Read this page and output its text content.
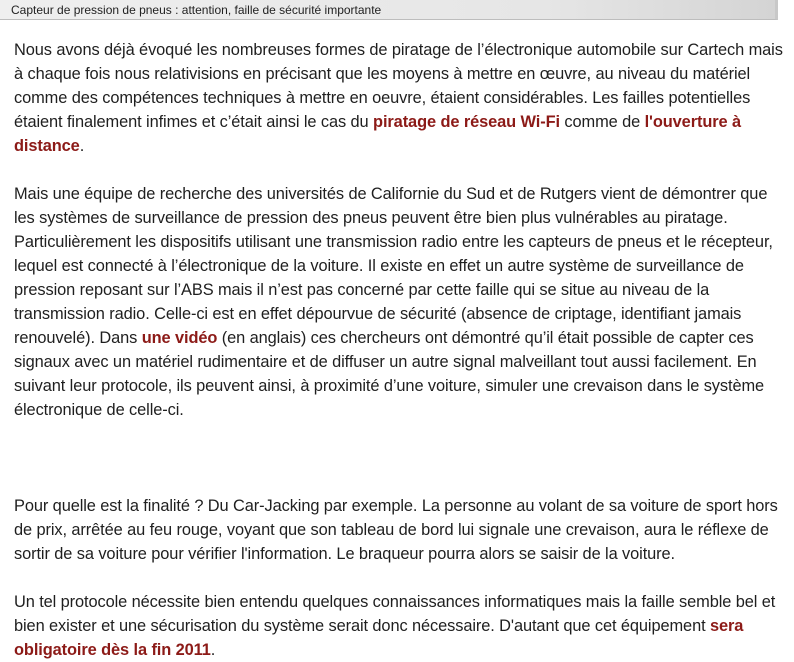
Capteur de pression de pneus : attention, faille de sécurité importante

Nous avons déjà évoqué les nombreuses formes de piratage de l’électronique automobile sur Cartech mais à chaque fois nous relativisions en précisant que les moyens à mettre en œuvre, au niveau du matériel comme des compétences techniques à mettre en oeuvre, étaient considérables. Les failles potentielles étaient finalement infimes et c’était ainsi le cas du piratage de réseau Wi-Fi comme de l'ouverture à distance.

Mais une équipe de recherche des universités de Californie du Sud et de Rutgers vient de démontrer que les systèmes de surveillance de pression des pneus peuvent être bien plus vulnérables au piratage. Particulièrement les dispositifs utilisant une transmission radio entre les capteurs de pneus et le récepteur, lequel est connecté à l’électronique de la voiture. Il existe en effet un autre système de surveillance de pression reposant sur l’ABS mais il n’est pas concerné par cette faille qui se situe au niveau de la transmission radio. Celle-ci est en effet dépourvue de sécurité (absence de criptage, identifiant jamais renouvelé). Dans une vidéo (en anglais) ces chercheurs ont démontré qu’il était possible de capter ces signaux avec un matériel rudimentaire et de diffuser un autre signal malveillant tout aussi facilement. En suivant leur protocole, ils peuvent ainsi, à proximité d’une voiture, simuler une crevaison dans le système électronique de celle-ci.

Pour quelle est la finalité ? Du Car-Jacking par exemple. La personne au volant de sa voiture de sport hors de prix, arrêtée au feu rouge, voyant que son tableau de bord lui signale une crevaison, aura le réflexe de sortir de sa voiture pour vérifier l'information. Le braqueur pourra alors se saisir de la voiture.

Un tel protocole nécessite bien entendu quelques connaissances informatiques mais la faille semble bel et bien exister et une sécurisation du système serait donc nécessaire. D'autant que cet équipement sera obligatoire dès la fin 2011.
